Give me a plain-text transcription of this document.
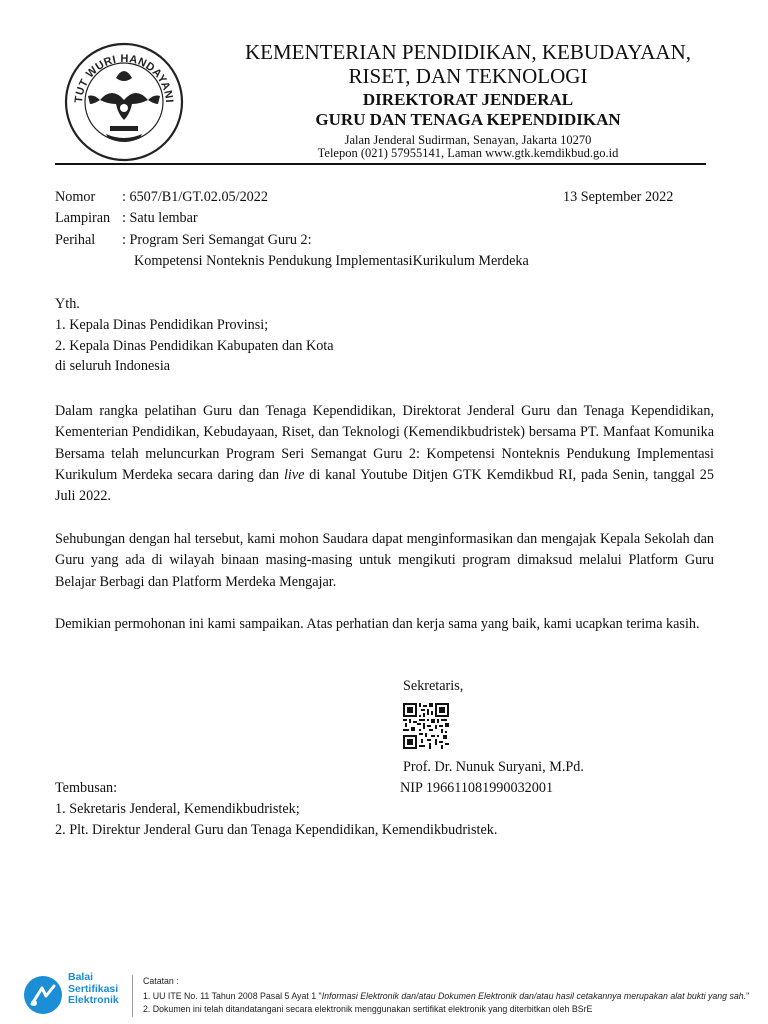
TUT WURI HANDAYANI
KEMENTERIAN PENDIDIKAN, KEBUDAYAAN,
RISET, DAN TEKNOLOGI
DIREKTORAT JENDERAL
GURU DAN TENAGA KEPENDIDIKAN
Jalan Jenderal Sudirman, Senayan, Jakarta 10270
Telepon (021) 57955141, Laman www.gtk.kemdikbud.go.id
Nomor : 6507/B1/GT.02.05/2022	13 September 2022
Lampiran : Satu lembar
Perihal : Program Seri Semangat Guru 2:
Kompetensi Nonteknis Pendukung ImplementasiKurikulum Merdeka
Yth.
1. Kepala Dinas Pendidikan Provinsi;
2. Kepala Dinas Pendidikan Kabupaten dan Kota
di seluruh Indonesia
Dalam rangka pelatihan Guru dan Tenaga Kependidikan, Direktorat Jenderal Guru dan Tenaga Kependidikan, Kementerian Pendidikan, Kebudayaan, Riset, dan Teknologi (Kemendikbudristek) bersama PT. Manfaat Komunika Bersama telah meluncurkan Program Seri Semangat Guru 2: Kompetensi Nonteknis Pendukung Implementasi Kurikulum Merdeka secara daring dan live di kanal Youtube Ditjen GTK Kemdikbud RI, pada Senin, tanggal 25 Juli 2022.
Sehubungan dengan hal tersebut, kami mohon Saudara dapat menginformasikan dan mengajak Kepala Sekolah dan Guru yang ada di wilayah binaan masing-masing untuk mengikuti program dimaksud melalui Platform Guru Belajar Berbagi dan Platform Merdeka Mengajar.
Demikian permohonan ini kami sampaikan. Atas perhatian dan kerja sama yang baik, kami ucapkan terima kasih.
Sekretaris,
Prof. Dr. Nunuk Suryani, M.Pd.
NIP 196611081990032001
Tembusan:
1. Sekretaris Jenderal, Kemendikbudristek;
2. Plt. Direktur Jenderal Guru dan Tenaga Kependidikan, Kemendikbudristek.
Balai
Sertifikasi
Elektronik
Catatan :
1. UU ITE No. 11 Tahun 2008 Pasal 5 Ayat 1 "Informasi Elektronik dan/atau Dokumen Elektronik dan/atau hasil cetakannya merupakan alat bukti yang sah."
2. Dokumen ini telah ditandatangani secara elektronik menggunakan sertifikat elektronik yang diterbitkan oleh BSrE
